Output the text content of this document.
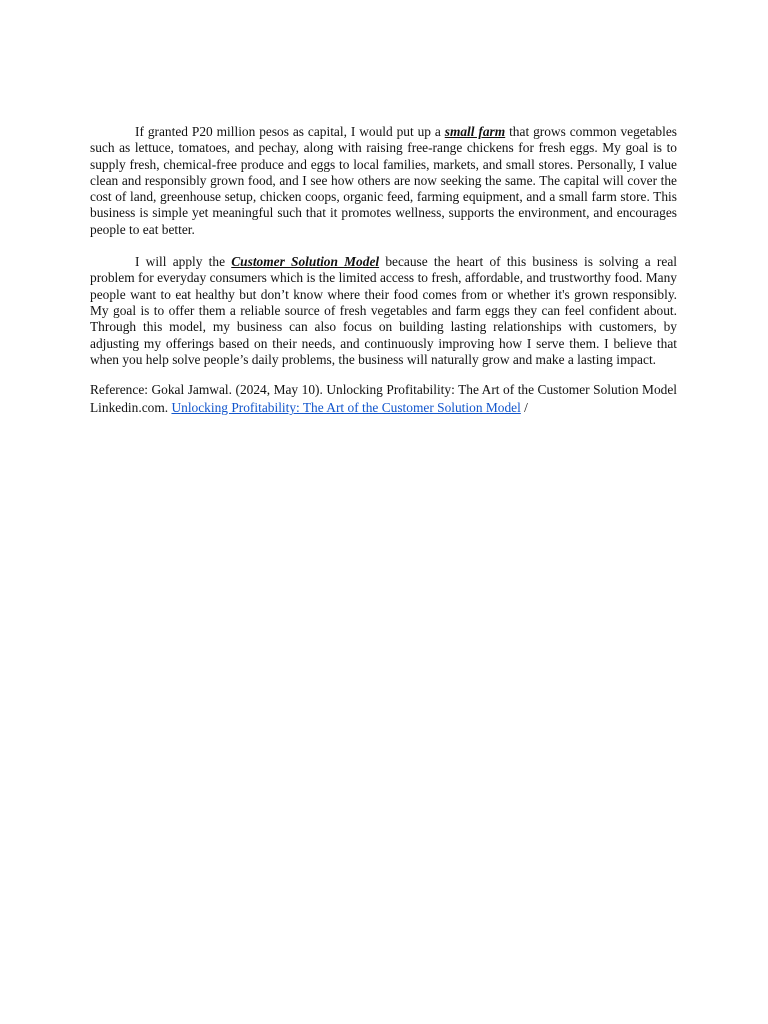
If granted P20 million pesos as capital, I would put up a small farm that grows common vegetables such as lettuce, tomatoes, and pechay, along with raising free-range chickens for fresh eggs. My goal is to supply fresh, chemical-free produce and eggs to local families, markets, and small stores. Personally, I value clean and responsibly grown food, and I see how others are now seeking the same. The capital will cover the cost of land, greenhouse setup, chicken coops, organic feed, farming equipment, and a small farm store. This business is simple yet meaningful such that it promotes wellness, supports the environment, and encourages people to eat better.

I will apply the Customer Solution Model because the heart of this business is solving a real problem for everyday consumers which is the limited access to fresh, affordable, and trustworthy food. Many people want to eat healthy but don’t know where their food comes from or whether it's grown responsibly. My goal is to offer them a reliable source of fresh vegetables and farm eggs they can feel confident about. Through this model, my business can also focus on building lasting relationships with customers, by adjusting my offerings based on their needs, and continuously improving how I serve them. I believe that when you help solve people’s daily problems, the business will naturally grow and make a lasting impact.

Reference: Gokal Jamwal. (2024, May 10). Unlocking Profitability: The Art of the Customer Solution Model Linkedin.com. Unlocking Profitability: The Art of the Customer Solution Model /
